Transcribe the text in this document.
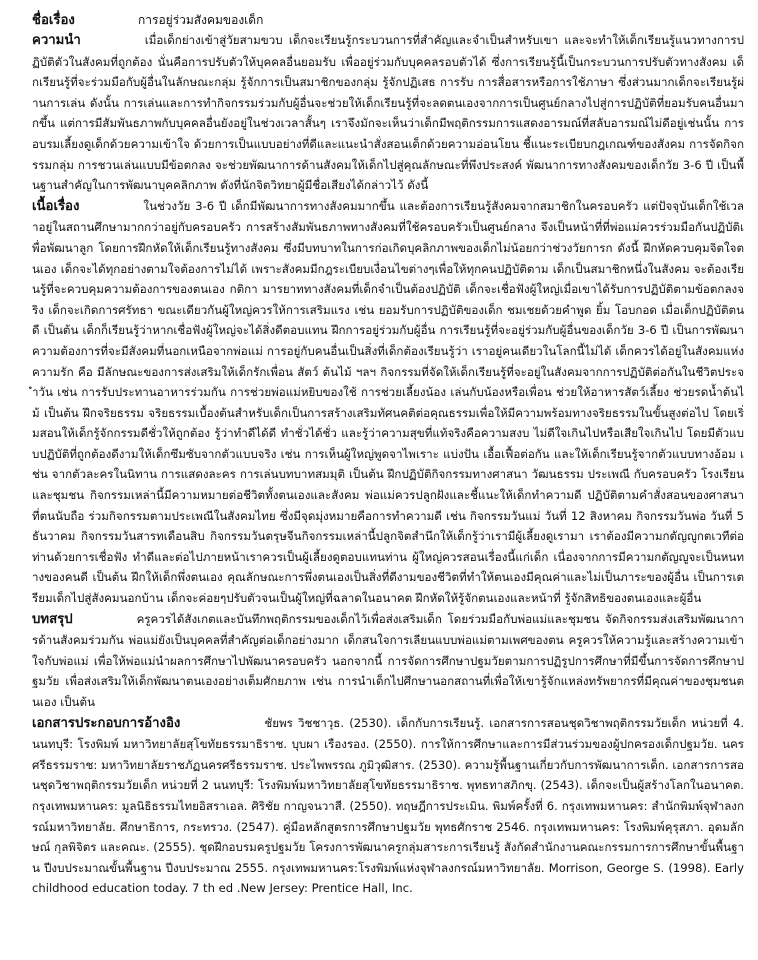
ชื่อเรื่อง	การอยู่ร่วมสังคมของเด็ก

ความนำ	เมื่อเด็กย่างเข้าสู่วัยสามขวบ เด็กจะเรียนรู้กระบวนการที่สำคัญและจำเป็นสำหรับเขา และจะทำให้เด็กเรียนรู้แนวทางการปฏิบัติตัวในสังคมที่ถูกต้อง นั่นคือการปรับตัวให้บุคคลอื่นยอมรับ เพื่ออยู่ร่วมกับบุคคลรอบตัวได้ ซึ่งการเรียนรู้นี้เป็นกระบวนการปรับตัวทางสังคม เด็กเรียนรู้ที่จะร่วมมือกับผู้อื่นในลักษณะกลุ่ม รู้จักการเป็นสมาชิกของกลุ่ม รู้จักปฏิเสธ การรับ การสื่อสารหรือการใช้ภาษา ซึ่งส่วนมากเด็กจะเรียนรู้ผ่านการเล่น ดังนั้น การเล่นและการทำกิจกรรมร่วมกับผู้อื่นจะช่วยให้เด็กเรียนรู้ที่จะลดตนเองจากการเป็นศูนย์กลางไปสู่การปฏิบัติที่ยอมรับคนอื่นมากขึ้น แต่การมีสัมพันธภาพกับบุคคลอื่นยังอยู่ในช่วงเวลาสั้นๆ เราจึงมักจะเห็นว่าเด็กมีพฤติกรรมการแสดงอารมณ์ที่สลับอารมณ์ไม่ดีอยู่เช่นนั้น การอบรมเลี้ยงดูเด็กด้วยความเข้าใจ ด้วยการเป็นแบบอย่างที่ดีและแนะนำสั่งสอนเด็กด้วยความอ่อนโยน ชี้แนะระเบียบกฎเกณฑ์ของสังคม การจัดกิจกรรมกลุ่ม การชวนเล่นแบบมีข้อตกลง จะช่วยพัฒนาการด้านสังคมให้เด็กไปสู่คุณลักษณะที่พึงประสงค์ พัฒนาการทางสังคมของเด็กวัย 3-6 ปี เป็นพื้นฐานสำคัญในการพัฒนาบุคคลิกภาพ ดังที่นักจิตวิทยาผู้มีชื่อเสียงได้กล่าวไว้ ดังนี้

เนื้อเรื่อง	ในช่วงวัย 3-6 ปี เด็กมีพัฒนาการทางสังคมมากขึ้น และต้องการเรียนรู้สังคมจากสมาชิกในครอบครัว แต่ปัจจุบันเด็กใช้เวลาอยู่ในสถานศึกษามากกว่าอยู่กับครอบครัว การสร้างสัมพันธภาพทางสังคมที่ใช้ครอบครัวเป็นศูนย์กลาง จึงเป็นหน้าที่ที่พ่อแม่ควรร่วมมือกันปฏิบัติเพื่อพัฒนาลูก โดยการฝึกหัดให้เด็กเรียนรู้ทางสังคม ซึ่งมีบทบาทในการก่อเกิดบุคลิกภาพของเด็กไม่น้อยกว่าช่วงวัยการก ดังนี้ ฝึกหัดควบคุมจิตใจตนเอง เด็กจะได้ทุกอย่างตามใจต้องการไม่ได้ เพราะสังคมมีกฎระเบียบเงื่อนไขต่างๆเพื่อให้ทุกคนปฏิบัติตาม เด็กเป็นสมาชิกหนึ่งในสังคม จะต้องเรียนรู้ที่จะควบคุมความต้องการของตนเอง กติกา มารยาททางสังคมที่เด็กจำเป็นต้องปฏิบัติ เด็กจะเชื่อฟังผู้ใหญ่เมื่อเขาได้รับการปฏิบัติตามข้อตกลงจริง เด็กจะเกิดการศรัทธา ขณะเดียวกันผู้ใหญ่ควรให้การเสริมแรง เช่น ยอมรับการปฏิบัติของเด็ก ชมเชยด้วยคำพูด ยิ้ม โอบกอด เมื่อเด็กปฏิบัติตนดี เป็นต้น เด็กก็เรียนรู้ว่าหากเชื่อฟังผู้ใหญ่จะได้สิ่งดีตอบแทน ฝึกการอยู่ร่วมกับผู้อื่น การเรียนรู้ที่จะอยู่ร่วมกับผู้อื่นของเด็กวัย 3-6 ปี เป็นการพัฒนาความต้องการที่จะมีสังคมที่นอกเหนือจากพ่อแม่ การอยู่กับคนอื่นเป็นสิ่งที่เด็กต้องเรียนรู้ว่า เราอยู่คนเดียวในโลกนี้ไม่ได้ เด็กควรได้อยู่ในสังคมแห่งความรัก คือ มีลักษณะของการส่งเสริมให้เด็กรักเพื่อน สัตว์ ต้นไม้ ฯลฯ กิจกรรมที่จัดให้เด็กเรียนรู้ที่จะอยู่ในสังคมจากการปฏิบัติต่อกันในชีวิตประจำวัน เช่น การรับประทานอาหารร่วมกัน การช่วยพ่อแม่หยิบของใช้ การช่วยเลี้ยงน้อง เล่นกับน้องหรือเพื่อน ช่วยให้อาหารสัตว์เลี้ยง ช่วยรดน้ำต้นไม้ เป็นต้น ฝึกจริยธรรม จริยธรรมเบื้องต้นสำหรับเด็กเป็นการสร้างเสริมทัศนคติต่อคุณธรรมเพื่อให้มีความพร้อมทางจริยธรรมในขั้นสูงต่อไป โดยเริ่มสอนให้เด็กรู้จักกรรมดีชั่วให้ถูกต้อง รู้ว่าทำดีได้ดี ทำชั่วได้ชั่ว และรู้ว่าความสุขที่แท้จริงคือความสงบ ไม่ดีใจเกินไปหรือเสียใจเกินไป โดยมีตัวแบบปฏิบัติที่ถูกต้องดีงามให้เด็กซึมซับจากตัวแบบจริง เช่น การเห็นผู้ใหญ่พูดจาไพเราะ แบ่งปัน เอื้อเฟื้อต่อกัน และให้เด็กเรียนรู้จากตัวแบบทางอ้อม เช่น จากตัวละครในนิทาน การแสดงละคร การเล่นบทบาทสมมุติ เป็นต้น ฝึกปฏิบัติกิจกรรมทางศาสนา วัฒนธรรม ประเพณี กับครอบครัว โรงเรียนและชุมชน กิจกรรมเหล่านี้มีความหมายต่อชีวิตทั้งตนเองและสังคม พ่อแม่ควรปลูกฝังและชี้แนะให้เด็กทำความดี ปฏิบัติตามคำสั่งสอนของศาสนาที่ตนนับถือ ร่วมกิจกรรมตามประเพณีในสังคมไทย ซึ่งมีจุดมุ่งหมายคือการทำความดี เช่น กิจกรรมวันแม่ วันที่ 12 สิงหาคม กิจกรรมวันพ่อ วันที่ 5 ธันวาคม กิจกรรมวันสารทเดือนสิบ กิจกรรมวันตรุษจีนกิจกรรมเหล่านี้ปลูกจิตสำนึกให้เด็กรู้ว่าเรามีผู้เลี้ยงดูเรามา เราต้องมีความกตัญญูกตเวทีต่อท่านด้วยการเชื่อฟัง ทำดีและต่อไปภายหน้าเราควรเป็นผู้เลี้ยงดูตอบแทนท่าน ผู้ใหญ่ควรสอนเรื่องนี้แก่เด็ก เนื่องจากการมีความกตัญญูจะเป็นหนทางของคนดี เป็นต้น ฝึกให้เด็กพึ่งตนเอง คุณลักษณะการพึ่งตนเองเป็นสิ่งที่ดีงามของชีวิตที่ทำให้ตนเองมีคุณค่าและไม่เป็นภาระของผู้อื่น เป็นการเตรียมเด็กไปสู่สังคมนอกบ้าน เด็กจะค่อยๆปรับตัวจนเป็นผู้ใหญ่ที่ฉลาดในอนาคต ฝึกหัดให้รู้จักตนเองและหน้าที่ รู้จักสิทธิของตนเองและผู้อื่น

บทสรุป	ครูควรได้สังเกตและบันทึกพฤติกรรมของเด็กไว้เพื่อส่งเสริมเด็ก โดยร่วมมือกับพ่อแม่และชุมชน จัดกิจกรรมส่งเสริมพัฒนาการด้านสังคมร่วมกัน พ่อแม่ยังเป็นบุคคลที่สำคัญต่อเด็กอย่างมาก เด็กสนใจการเลียนแบบพ่อแม่ตามเพศของตน ครูควรให้ความรู้และสร้างความเข้าใจกับพ่อแม่ เพื่อให้พ่อแม่นำผลการศึกษาไปพัฒนาครอบครัว นอกจากนี้ การจัดการศึกษาปฐมวัยตามการปฏิรูปการศึกษาที่มีขึ้นการจัดการศึกษาปฐมวัย เพื่อส่งเสริมให้เด็กพัฒนาตนเองอย่างเต็มศักยภาพ เช่น การนำเด็กไปศึกษานอกสถานที่เพื่อให้เขารู้จักแหล่งทรัพยากรที่มีคุณค่าของชุมชนตนเอง เป็นต้น

เอกสารประกอบการอ้างอิง	ชัยพร วิชชาวุธ. (2530). เด็กกับการเรียนรู้. เอกสารการสอนชุดวิชาพฤติกรรมวัยเด็ก หน่วยที่ 4. นนทบุรี: โรงพิมพ์ มหาวิทยาลัยสุโขทัยธรรมาธิราช. บุบผา เรืองรอง. (2550). การให้การศึกษาและการมีส่วนร่วมของผู้ปกครองเด็กปฐมวัย. นครศรีธรรมราช: มหาวิทยาลัยราชภัฏนครศรีธรรมราช. ประไพพรรณ ภูมิวุฒิสาร. (2530). ความรู้พื้นฐานเกี่ยวกับการพัฒนาการเด็ก. เอกสารการสอนชุดวิชาพฤติกรรมวัยเด็ก หน่วยที่ 2 นนทบุรี: โรงพิมพ์มหาวิทยาลัยสุโขทัยธรรมาธิราช. พุทธทาสภิกขุ. (2543). เด็กจะเป็นผู้สร้างโลกในอนาคต. กรุงเทพมหานคร: มูลนิธิธรรมไทยอิสราเอล. ศิริชัย กาญจนวาสี. (2550). ทฤษฎีการประเมิน. พิมพ์ครั้งที่ 6. กรุงเทพมหานคร: สำนักพิมพ์จุฬาลงกรณ์มหาวิทยาลัย. ศึกษาธิการ, กระทรวง. (2547). คู่มือหลักสูตรการศึกษาปฐมวัย พุทธศักราช 2546. กรุงเทพมหานคร: โรงพิมพ์คุรุสภา. อุดมลักษณ์ กุลพิจิตร และคณะ. (2555). ชุดฝึกอบรมครูปฐมวัย โครงการพัฒนาครูกลุ่มสาระการเรียนรู้ สังกัดสำนักงานคณะกรรมการการศึกษาขั้นพื้นฐาน ปีงบประมาณขั้นพื้นฐาน ปีงบประมาณ 2555. กรุงเทพมหานคร:โรงพิมพ์แห่งจุฬาลงกรณ์มหาวิทยาลัย. Morrison, George S. (1998). Early childhood education today. 7 th ed .New Jersey: Prentice Hall, Inc.
